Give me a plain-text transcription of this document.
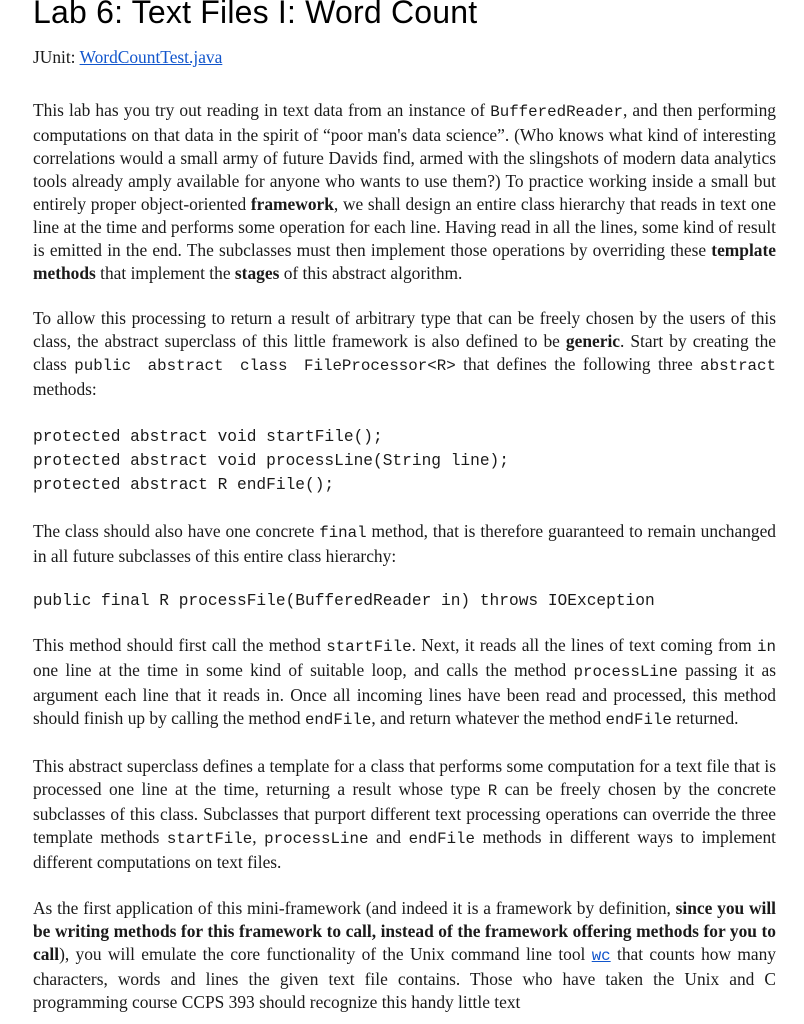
Lab 6: Text Files I: Word Count
JUnit: WordCountTest.java

This lab has you try out reading in text data from an instance of BufferedReader, and then performing computations on that data in the spirit of “poor man's data science”. (Who knows what kind of interesting correlations would a small army of future Davids find, armed with the slingshots of modern data analytics tools already amply available for anyone who wants to use them?) To practice working inside a small but entirely proper object-oriented framework, we shall design an entire class hierarchy that reads in text one line at the time and performs some operation for each line. Having read in all the lines, some kind of result is emitted in the end. The subclasses must then implement those operations by overriding these template methods that implement the stages of this abstract algorithm.

To allow this processing to return a result of arbitrary type that can be freely chosen by the users of this class, the abstract superclass of this little framework is also defined to be generic. Start by creating the class public abstract class FileProcessor<R> that defines the following three abstract methods:

protected abstract void startFile();
protected abstract void processLine(String line);
protected abstract R endFile();

The class should also have one concrete final method, that is therefore guaranteed to remain unchanged in all future subclasses of this entire class hierarchy:

public final R processFile(BufferedReader in) throws IOException

This method should first call the method startFile. Next, it reads all the lines of text coming from in one line at the time in some kind of suitable loop, and calls the method processLine passing it as argument each line that it reads in. Once all incoming lines have been read and processed, this method should finish up by calling the method endFile, and return whatever the method endFile returned.

This abstract superclass defines a template for a class that performs some computation for a text file that is processed one line at the time, returning a result whose type R can be freely chosen by the concrete subclasses of this class. Subclasses that purport different text processing operations can override the three template methods startFile, processLine and endFile methods in different ways to implement different computations on text files.

As the first application of this mini-framework (and indeed it is a framework by definition, since you will be writing methods for this framework to call, instead of the framework offering methods for you to call), you will emulate the core functionality of the Unix command line tool wc that counts how many characters, words and lines the given text file contains. Those who have taken the Unix and C programming course CCPS 393 should recognize this handy little text
